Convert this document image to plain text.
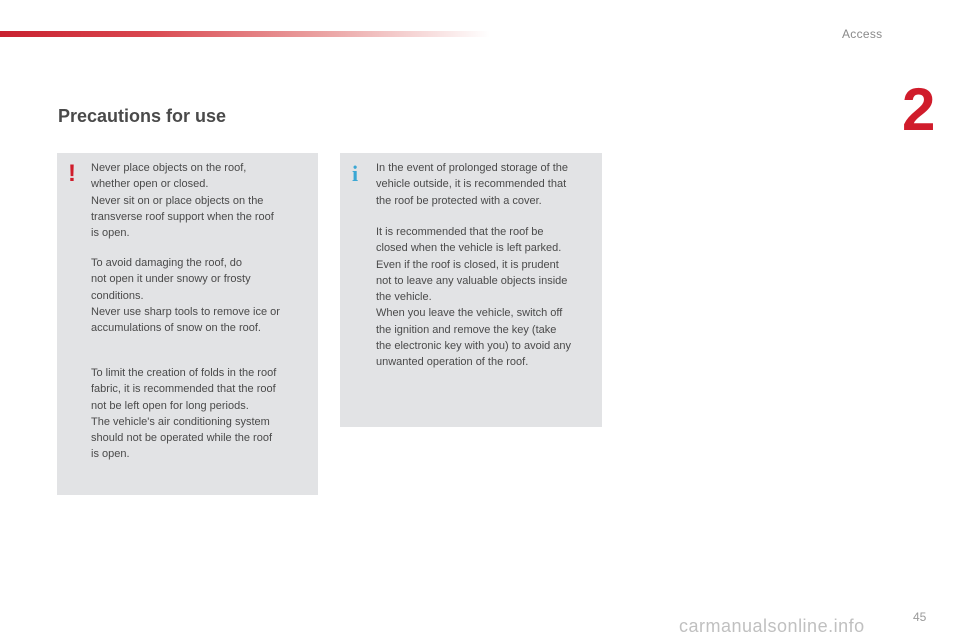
Access
2
Precautions for use
! Never place objects on the roof,
whether open or closed.
Never sit on or place objects on the
transverse roof support when the roof
is open.

To avoid damaging the roof, do
not open it under snowy or frosty
conditions.
Never use sharp tools to remove ice or
accumulations of snow on the roof.

To limit the creation of folds in the roof
fabric, it is recommended that the roof
not be left open for long periods.
The vehicle's air conditioning system
should not be operated while the roof
is open.

i In the event of prolonged storage of the
vehicle outside, it is recommended that
the roof be protected with a cover.

It is recommended that the roof be
closed when the vehicle is left parked.
Even if the roof is closed, it is prudent
not to leave any valuable objects inside
the vehicle.
When you leave the vehicle, switch off
the ignition and remove the key (take
the electronic key with you) to avoid any
unwanted operation of the roof.

45
carmanualsonline.info
